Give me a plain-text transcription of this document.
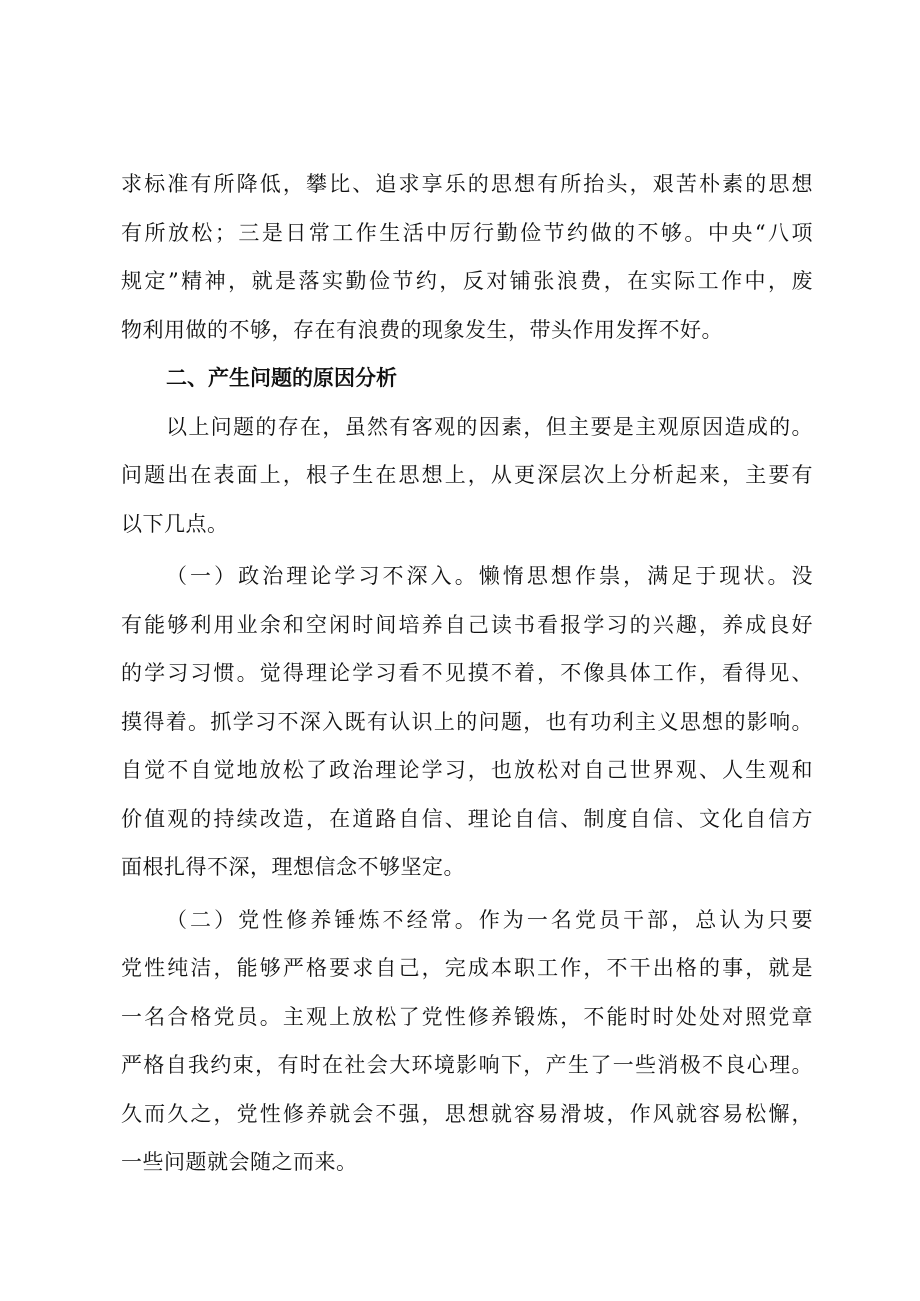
求标准有所降低，攀比、追求享乐的思想有所抬头，艰苦朴素的思想
有所放松；三是日常工作生活中厉行勤俭节约做的不够。中央“八项
规定”精神，就是落实勤俭节约，反对铺张浪费，在实际工作中，废
物利用做的不够，存在有浪费的现象发生，带头作用发挥不好。
二、产生问题的原因分析
以上问题的存在，虽然有客观的因素，但主要是主观原因造成的。
问题出在表面上，根子生在思想上，从更深层次上分析起来，主要有
以下几点。
（一）政治理论学习不深入。懒惰思想作祟，满足于现状。没
有能够利用业余和空闲时间培养自己读书看报学习的兴趣，养成良好
的学习习惯。觉得理论学习看不见摸不着，不像具体工作，看得见、
摸得着。抓学习不深入既有认识上的问题，也有功利主义思想的影响。
自觉不自觉地放松了政治理论学习，也放松对自己世界观、人生观和
价值观的持续改造，在道路自信、理论自信、制度自信、文化自信方
面根扎得不深，理想信念不够坚定。
（二）党性修养锤炼不经常。作为一名党员干部，总认为只要
党性纯洁，能够严格要求自己，完成本职工作，不干出格的事，就是
一名合格党员。主观上放松了党性修养锻炼，不能时时处处对照党章
严格自我约束，有时在社会大环境影响下，产生了一些消极不良心理。
久而久之，党性修养就会不强，思想就容易滑坡，作风就容易松懈，
一些问题就会随之而来。
